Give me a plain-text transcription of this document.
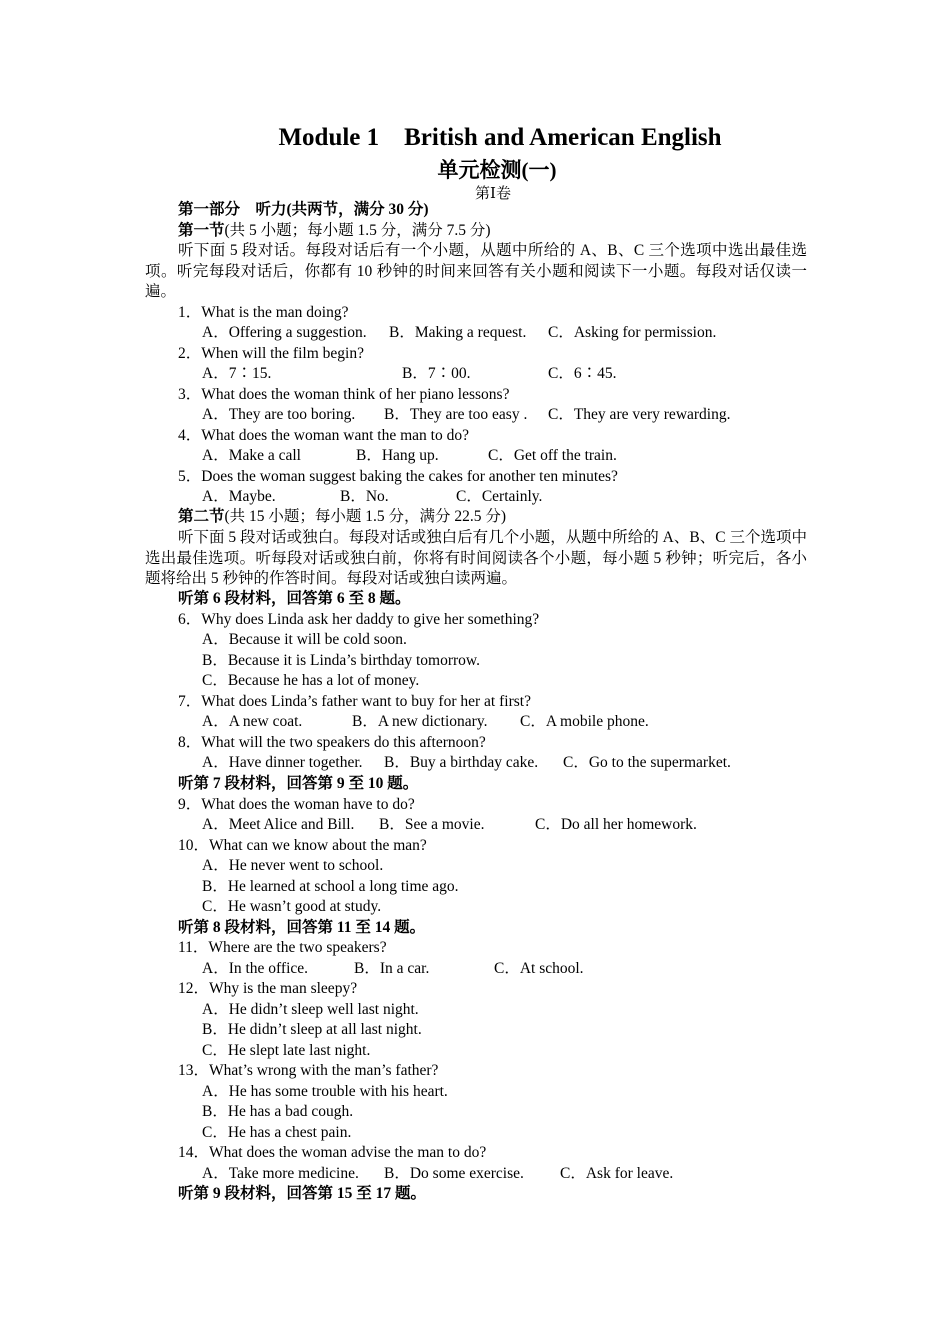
Module 1    British and American English
单元检测(一)
第Ⅰ卷
第一部分　听力(共两节，满分 30 分)
第一节(共 5 小题；每小题 1.5 分，满分 7.5 分)
听下面 5 段对话。每段对话后有一个小题，从题中所给的 A、B、C 三个选项中选出最佳选项。听完每段对话后，你都有 10 秒钟的时间来回答有关小题和阅读下一小题。每段对话仅读一遍。
1．What is the man doing?
A．Offering a suggestion. B．Making a request. C．Asking for permission.
2．When will the film begin?
A．7∶15.	B．7∶00.	C．6∶45.
3．What does the woman think of her piano lessons?
A．They are too boring. B．They are too easy . C．They are very rewarding.
4．What does the woman want the man to do?
A．Make a call	B．Hang up.	C．Get off the train.
5．Does the woman suggest baking the cakes for another ten minutes?
A．Maybe.	B．No.	C．Certainly.
第二节(共 15 小题；每小题 1.5 分，满分 22.5 分)
听下面 5 段对话或独白。每段对话或独白后有几个小题，从题中所给的 A、B、C 三个选项中选出最佳选项。听每段对话或独白前，你将有时间阅读各个小题，每小题 5 秒钟；听完后，各小题将给出 5 秒钟的作答时间。每段对话或独白读两遍。
听第 6 段材料，回答第 6 至 8 题。
6．Why does Linda ask her daddy to give her something?
A．Because it will be cold soon.
B．Because it is Linda’s birthday tomorrow.
C．Because he has a lot of money.
7．What does Linda’s father want to buy for her at first?
A．A new coat.	B．A new dictionary. C．A mobile phone.
8．What will the two speakers do this afternoon?
A．Have dinner together. B．Buy a birthday cake. C．Go to the supermarket.
听第 7 段材料，回答第 9 至 10 题。
9．What does the woman have to do?
A．Meet Alice and Bill. B．See a movie.	C．Do all her homework.
10．What can we know about the man?
A．He never went to school.
B．He learned at school a long time ago.
C．He wasn’t good at study.
听第 8 段材料，回答第 11 至 14 题。
11．Where are the two speakers?
A．In the office.	B．In a car.	C．At school.
12．Why is the man sleepy?
A．He didn’t sleep well last night.
B．He didn’t sleep at all last night.
C．He slept late last night.
13．What’s wrong with the man’s father?
A．He has some trouble with his heart.
B．He has a bad cough.
C．He has a chest pain.
14．What does the woman advise the man to do?
A．Take more medicine. B．Do some exercise. C．Ask for leave.
听第 9 段材料，回答第 15 至 17 题。
